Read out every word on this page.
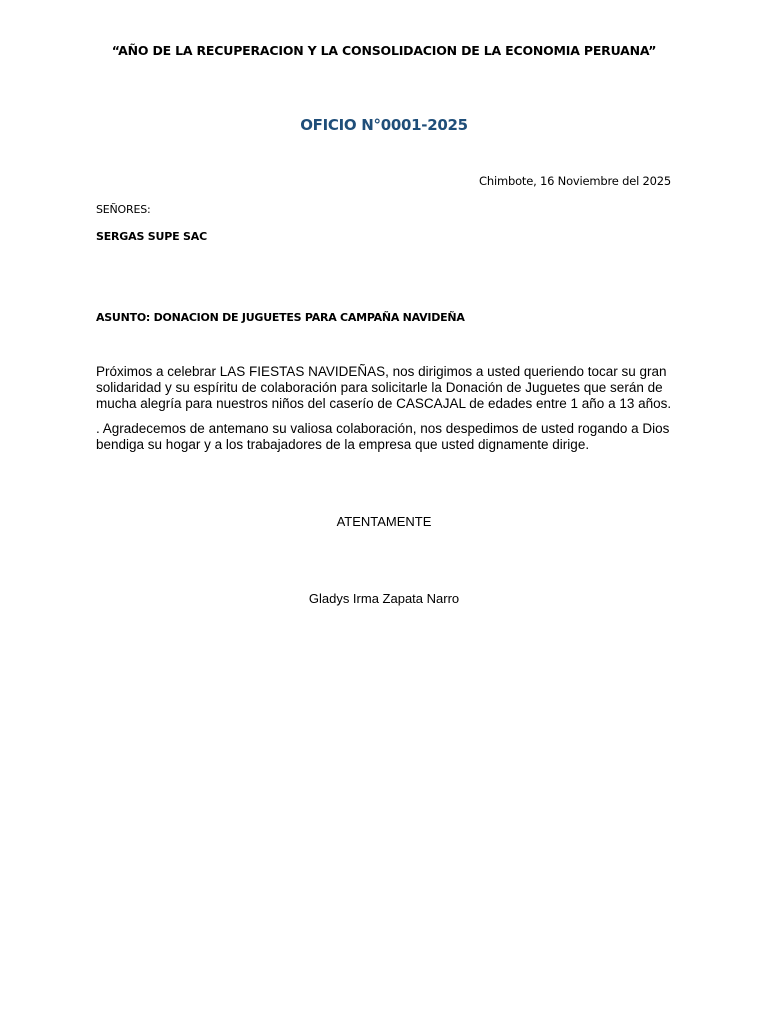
“AÑO DE LA RECUPERACION Y LA CONSOLIDACION DE LA ECONOMIA PERUANA”
OFICIO N°0001-2025
Chimbote, 16 Noviembre del 2025
SEÑORES:
SERGAS SUPE SAC
ASUNTO: DONACION DE JUGUETES PARA CAMPAÑA NAVIDEÑA
Próximos a celebrar LAS FIESTAS NAVIDEÑAS, nos dirigimos a usted queriendo tocar su gran solidaridad y su espíritu de colaboración para solicitarle la Donación de Juguetes que serán de mucha alegría para nuestros niños del caserío de CASCAJAL de edades entre 1 año a 13 años.
. Agradecemos de antemano su valiosa colaboración, nos despedimos de usted rogando a Dios bendiga su hogar y a los trabajadores de la empresa que usted dignamente dirige.
ATENTAMENTE
Gladys Irma Zapata Narro
